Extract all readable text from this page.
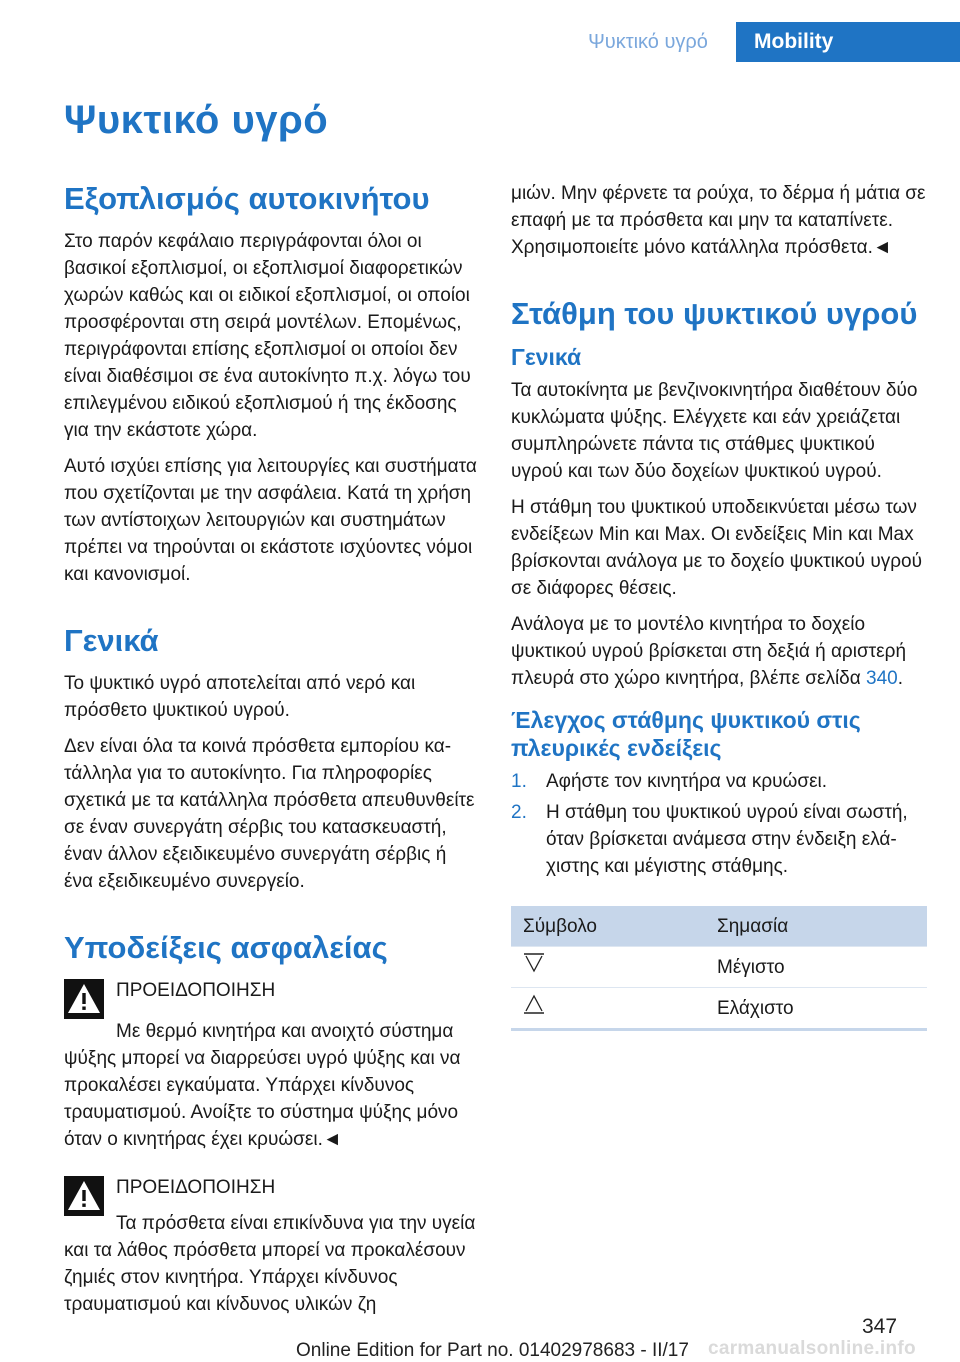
Ψυκτικό υγρό	Mobility
Ψυκτικό υγρό
Εξοπλισμός αυτοκινήτου

Στο παρόν κεφάλαιο περιγράφονται όλοι οι βασικοί εξοπλισμοί, οι εξοπλισμοί διαφορετικών χωρών καθώς και οι ειδικοί εξοπλισμοί, οι οποίοι προσφέρονται στη σειρά μοντέλων. Επομένως, περιγράφονται επίσης εξοπλισμοί οι οποίοι δεν είναι διαθέσιμοι σε ένα αυτοκίνητο π.χ. λόγω του επιλεγμένου ειδικού εξοπλισμού ή της έκδοσης για την εκάστοτε χώρα.

Αυτό ισχύει επίσης για λειτουργίες και συστήματα που σχετίζονται με την ασφάλεια. Κατά τη χρήση των αντίστοιχων λειτουργιών και συστημάτων πρέπει να τηρούνται οι εκάστοτε ισχύοντες νόμοι και κανονισμοί.

Γενικά

Το ψυκτικό υγρό αποτελείται από νερό και πρόσθετο ψυκτικού υγρού.

Δεν είναι όλα τα κοινά πρόσθετα εμπορίου κατάλληλα για το αυτοκίνητο. Για πληροφορίες σχετικά με τα κατάλληλα πρόσθετα απευθυνθείτε σε έναν συνεργάτη σέρβις του κατασκευαστή, έναν άλλον εξειδικευμένο συνεργάτη σέρβις ή ένα εξειδικευμένο συνεργείο.

Υποδείξεις ασφαλείας

ΠΡΟΕΙΔΟΠΟΙΗΣΗ

Με θερμό κινητήρα και ανοιχτό σύστημα ψύξης μπορεί να διαρρεύσει υγρό ψύξης και να προκαλέσει εγκαύματα. Υπάρχει κίνδυνος τραυματισμού. Ανοίξτε το σύστημα ψύξης μόνο όταν ο κινητήρας έχει κρυώσει.◄

ΠΡΟΕΙΔΟΠΟΙΗΣΗ

Τα πρόσθετα είναι επικίνδυνα για την υγεία και τα λάθος πρόσθετα μπορεί να προκαλέσουν ζημιές στον κινητήρα. Υπάρχει κίνδυνος τραυματισμού και κίνδυνος υλικών ζη

μιών. Μην φέρνετε τα ρούχα, το δέρμα ή μάτια σε επαφή με τα πρόσθετα και μην τα καταπίνετε. Χρησιμοποιείτε μόνο κατάλληλα πρόσθετα.◄

Στάθμη του ψυκτικού υγρού
Γενικά

Τα αυτοκίνητα με βενζινοκινητήρα διαθέτουν δύο κυκλώματα ψύξης. Ελέγχετε και εάν χρειάζεται συμπληρώνετε πάντα τις στάθμες ψυκτικού υγρού και των δύο δοχείων ψυκτικού υγρού.

Η στάθμη του ψυκτικού υποδεικνύεται μέσω των ενδείξεων Min και Max. Οι ενδείξεις Min και Max βρίσκονται ανάλογα με το δοχείο ψυκτικού υγρού σε διάφορες θέσεις.

Ανάλογα με το μοντέλο κινητήρα το δοχείο ψυκτικού υγρού βρίσκεται στη δεξιά ή αριστερή πλευρά στο χώρο κινητήρα, βλέπε σελίδα 340.

Έλεγχος στάθμης ψυκτικού στις πλευρικές ενδείξεις
1. Αφήστε τον κινητήρα να κρυώσει.
2. Η στάθμη του ψυκτικού υγρού είναι σωστή, όταν βρίσκεται ανάμεσα στην ένδειξη ελάχιστης και μέγιστης στάθμης.
Σύμβολο	Σημασία
	Μέγιστο
	Ελάχιστο
347
Online Edition for Part no. 01402978683 - II/17 carmanualsonline.info
